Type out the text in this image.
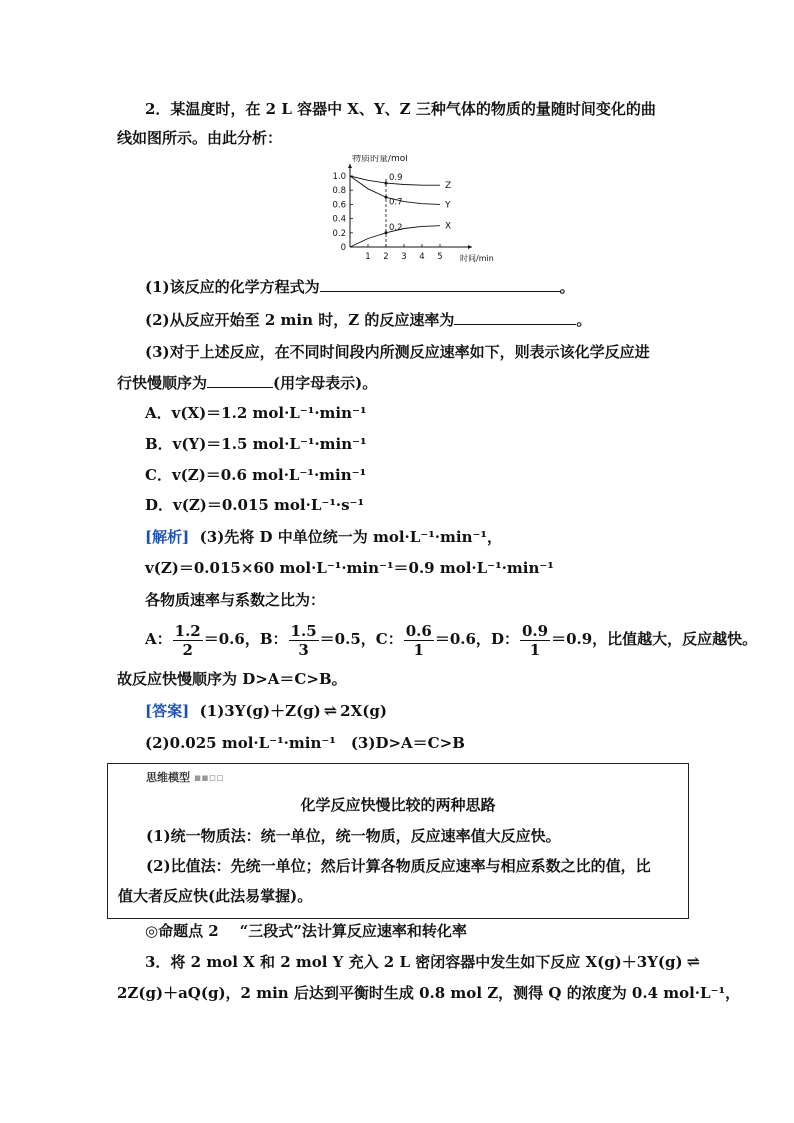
2．某温度时，在 2 L 容器中 X、Y、Z 三种气体的物质的量随时间变化的曲
线如图所示。由此分析：
物质的量/mol
时间/min
0
0.2
0.4
0.6
0.8
1.0
1 2 3 4 5
Z
Y
X
0.9
0.7
0.2
(1)该反应的化学方程式为	。
(2)从反应开始至 2 min 时，Z 的反应速率为	。
(3)对于上述反应，在不同时间段内所测反应速率如下，则表示该化学反应进
行快慢顺序为	(用字母表示)。
A．v(X)＝1.2 mol·L⁻¹·min⁻¹
B．v(Y)＝1.5 mol·L⁻¹·min⁻¹
C．v(Z)＝0.6 mol·L⁻¹·min⁻¹
D．v(Z)＝0.015 mol·L⁻¹·s⁻¹
[解析] (3)先将 D 中单位统一为 mol·L⁻¹·min⁻¹，
v(Z)＝0.015×60 mol·L⁻¹·min⁻¹＝0.9 mol·L⁻¹·min⁻¹
各物质速率与系数之比为：
A： $\frac{1.2}{2} =0.6$，B： $\frac{1.5}{3} =0.5$，C： $\frac{0.6}{1} =0.6$，D： $\frac{0.9}{1} =0.9$，比值越大，反应越快。
故反应快慢顺序为 D>A＝C>B。
[答案] (1)3Y(g)＋Z(g) ⇌ 2X(g)
(2)0.025 mol·L⁻¹·min⁻¹　(3)D>A＝C>B
思维模型 ▪▪▫▫
化学反应快慢比较的两种思路
(1)统一物质法：统一单位，统一物质，反应速率值大反应快。
(2)比值法：先统一单位；然后计算各物质反应速率与相应系数之比的值，比
值大者反应快(此法易掌握)。
◎命题点 2 “三段式”法计算反应速率和转化率
3．将 2 mol X 和 2 mol Y 充入 2 L 密闭容器中发生如下反应 X(g)＋3Y(g) ⇌
2Z(g)＋aQ(g)，2 min 后达到平衡时生成 0.8 mol Z，测得 Q 的浓度为 0.4 mol·L⁻¹，
